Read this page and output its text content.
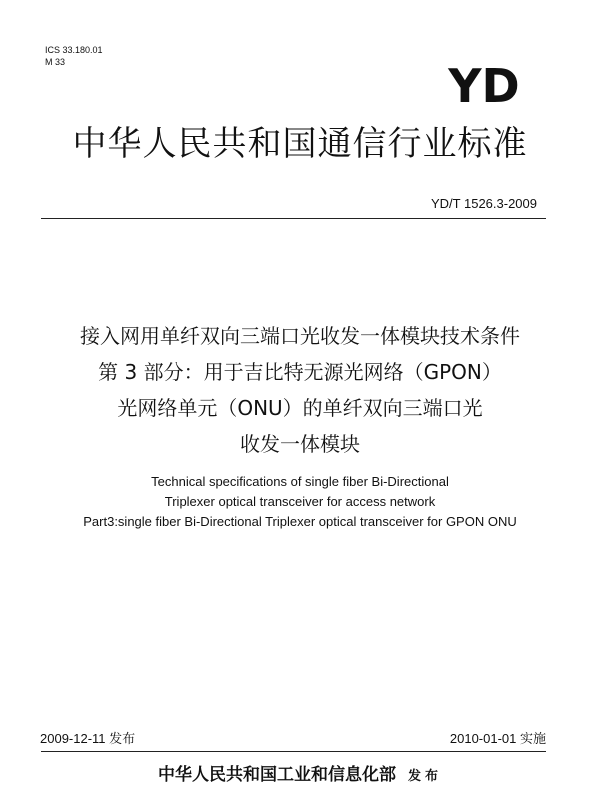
ICS 33.180.01
M 33	YD
中华人民共和国通信行业标准
YD/T 1526.3-2009
接入网用单纤双向三端口光收发一体模块技术条件
第 3 部分：用于吉比特无源光网络（GPON）
光网络单元（ONU）的单纤双向三端口光
收发一体模块
Technical specifications of single fiber Bi-Directional
Triplexer optical transceiver for access network
Part3:single fiber Bi-Directional Triplexer optical transceiver for GPON ONU
2009-12-11 发布	2010-01-01 实施
中华人民共和国工业和信息化部 发布
